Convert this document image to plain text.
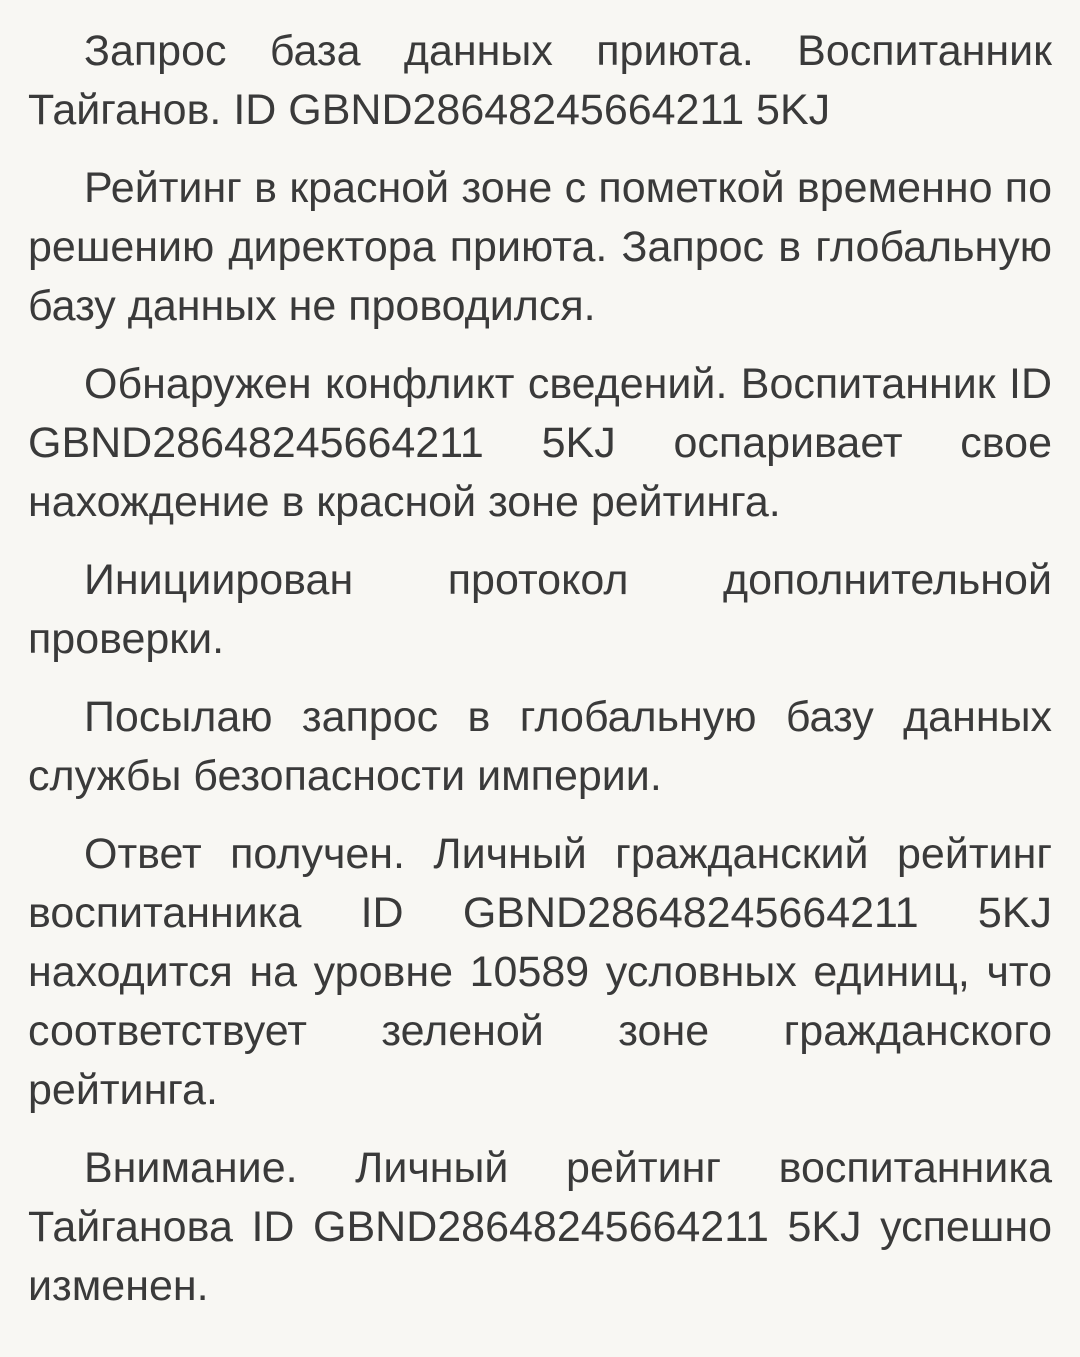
Запрос база данных приюта. Воспитанник Тайганов. ID GBND28648245664211 5KJ

Рейтинг в красной зоне с пометкой временно по решению директора приюта. Запрос в глобальную базу данных не проводился.

Обнаружен конфликт сведений. Воспитанник ID GBND28648245664211 5KJ оспаривает свое нахождение в красной зоне рейтинга.

Инициирован протокол дополнительной проверки.

Посылаю запрос в глобальную базу данных службы безопасности империи.

Ответ получен. Личный гражданский рейтинг воспитанника ID GBND28648245664211 5KJ находится на уровне 10589 условных единиц, что соответствует зеленой зоне гражданского рейтинга.

Внимание. Личный рейтинг воспитанника Тайганова ID GBND28648245664211 5KJ успешно изменен.
